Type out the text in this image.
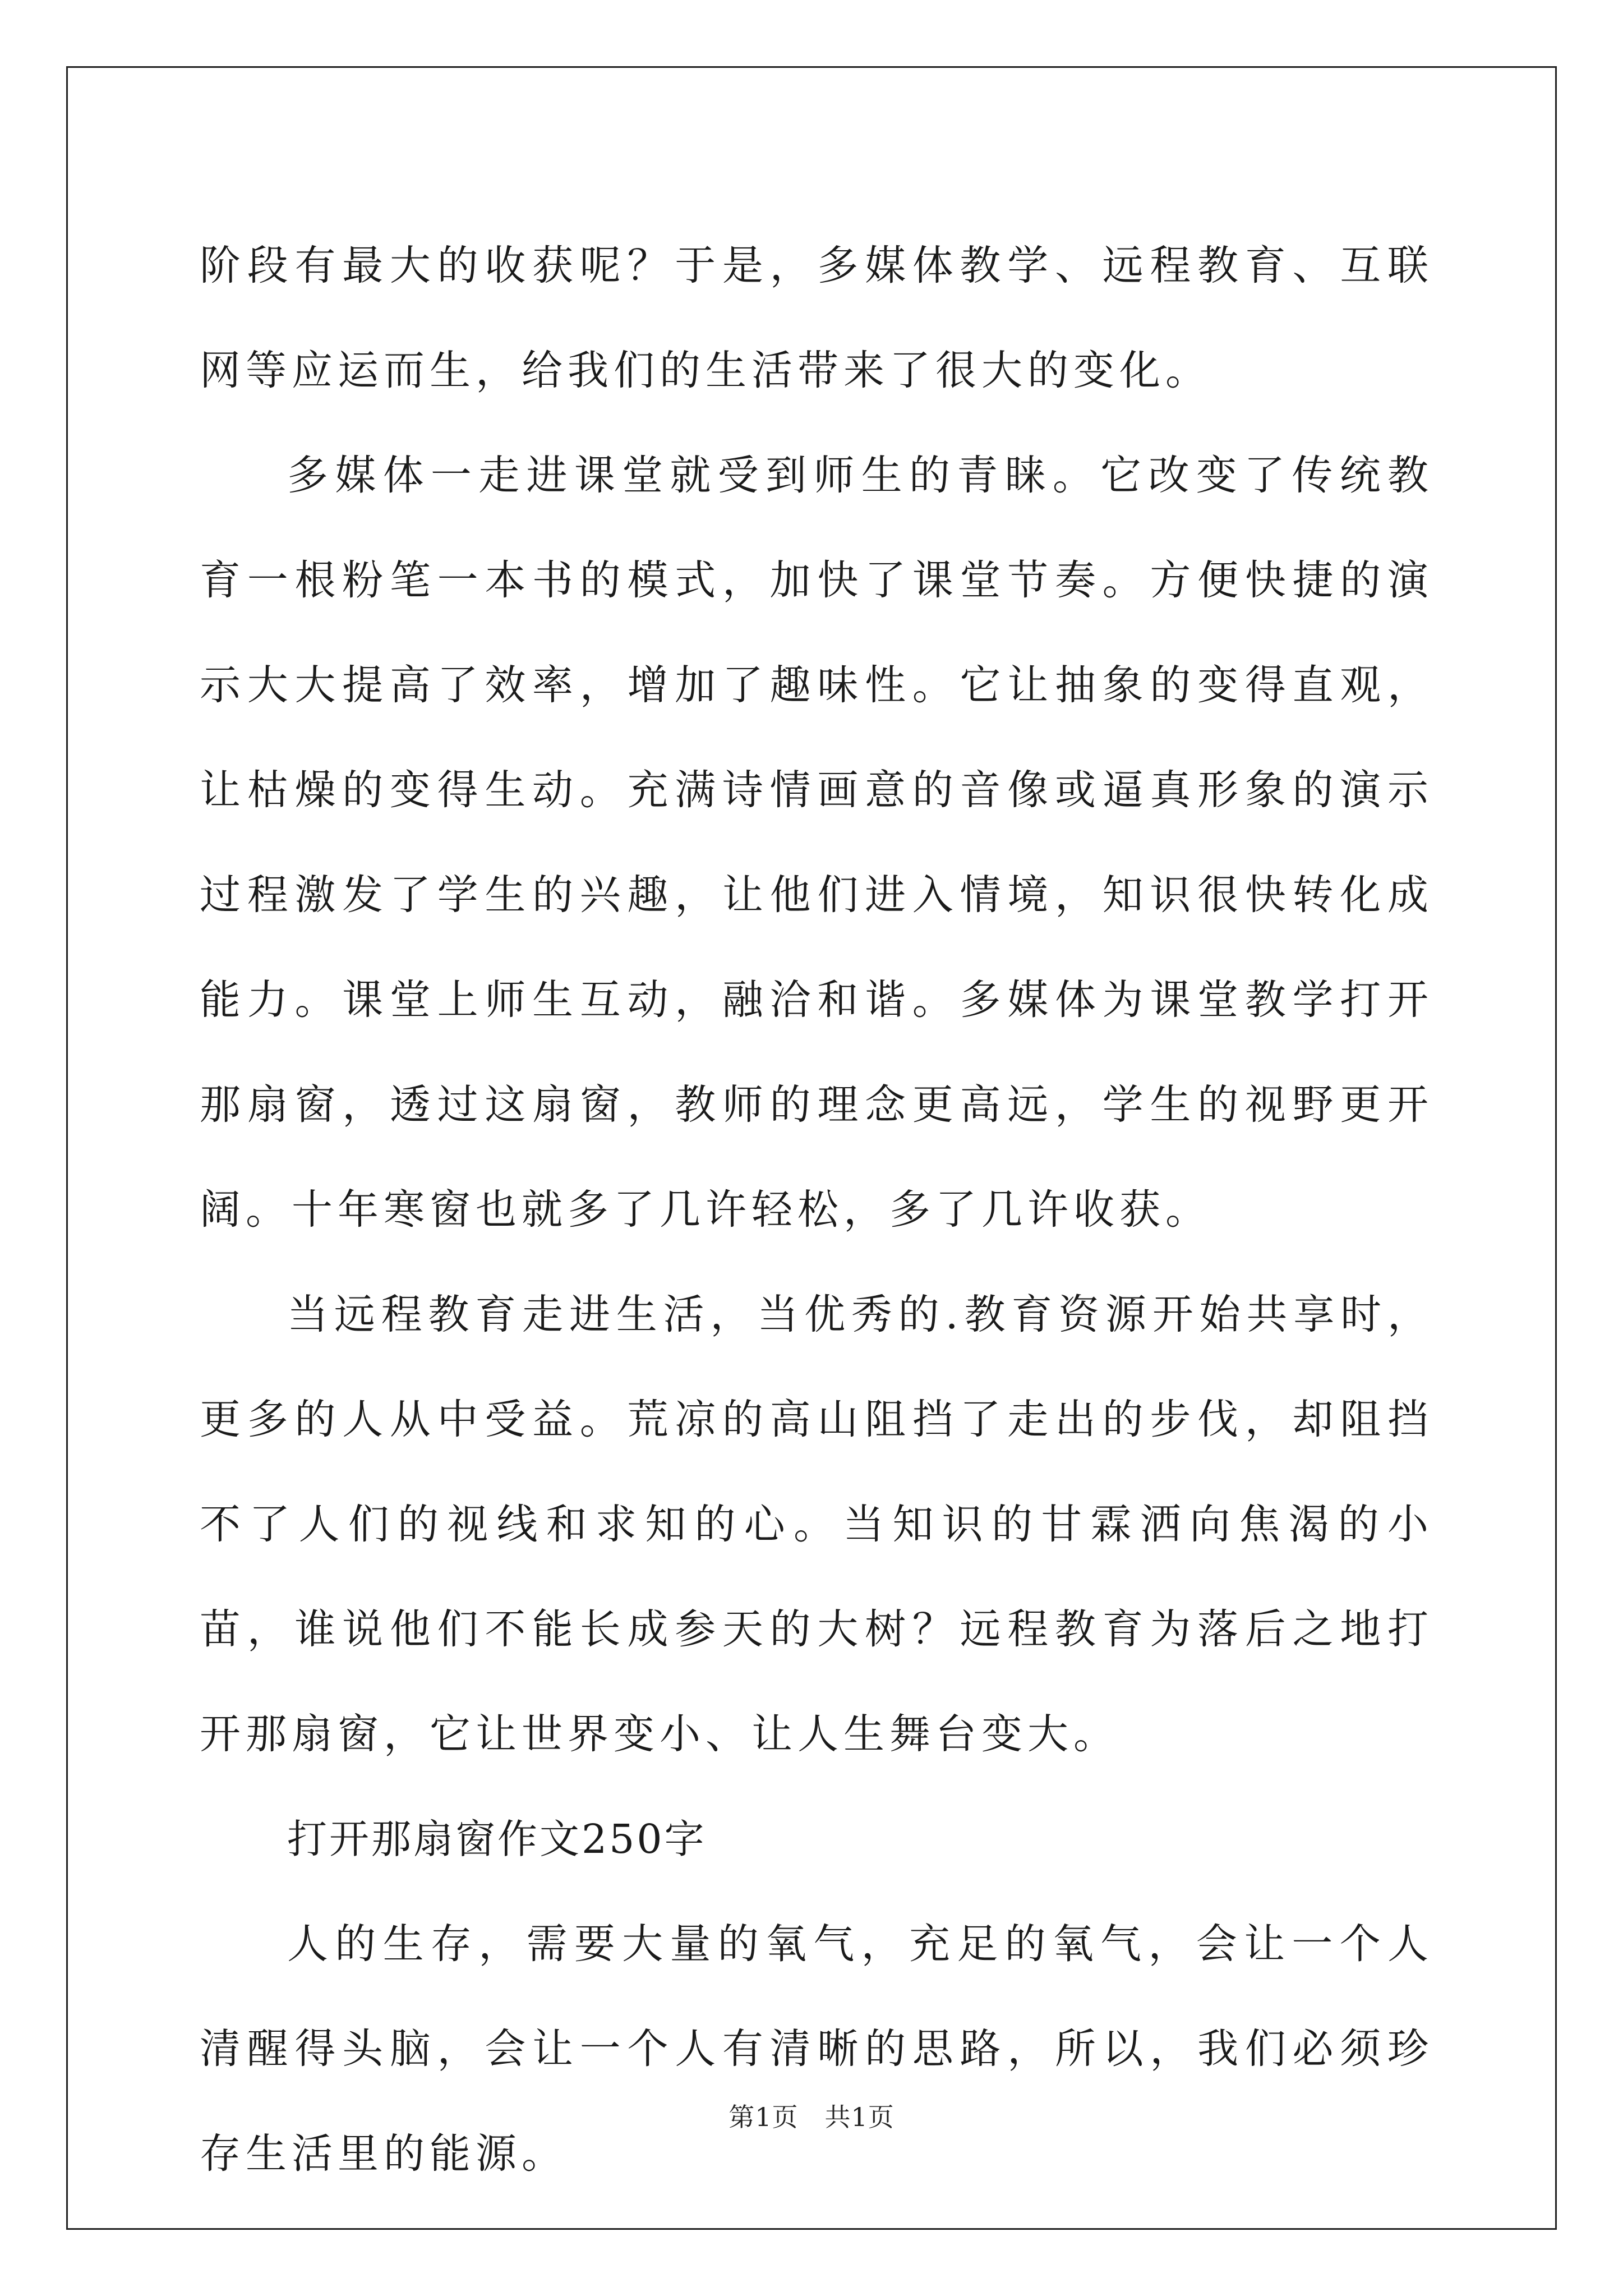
阶段有最大的收获呢？于是，多媒体教学、远程教育、互联网等应运而生，给我们的生活带来了很大的变化。

多媒体一走进课堂就受到师生的青睐。它改变了传统教育一根粉笔一本书的模式，加快了课堂节奏。方便快捷的演示大大提高了效率，增加了趣味性。它让抽象的变得直观，让枯燥的变得生动。充满诗情画意的音像或逼真形象的演示过程激发了学生的兴趣，让他们进入情境，知识很快转化成能力。课堂上师生互动，融洽和谐。多媒体为课堂教学打开那扇窗，透过这扇窗，教师的理念更高远，学生的视野更开阔。十年寒窗也就多了几许轻松，多了几许收获。

当远程教育走进生活，当优秀的.教育资源开始共享时，更多的人从中受益。荒凉的高山阻挡了走出的步伐，却阻挡不了人们的视线和求知的心。当知识的甘霖洒向焦渴的小苗，谁说他们不能长成参天的大树？远程教育为落后之地打开那扇窗，它让世界变小、让人生舞台变大。

打开那扇窗作文250字

人的生存，需要大量的氧气，充足的氧气，会让一个人清醒得头脑，会让一个人有清晰的思路，所以，我们必须珍存生活里的能源。

第1页　共1页
